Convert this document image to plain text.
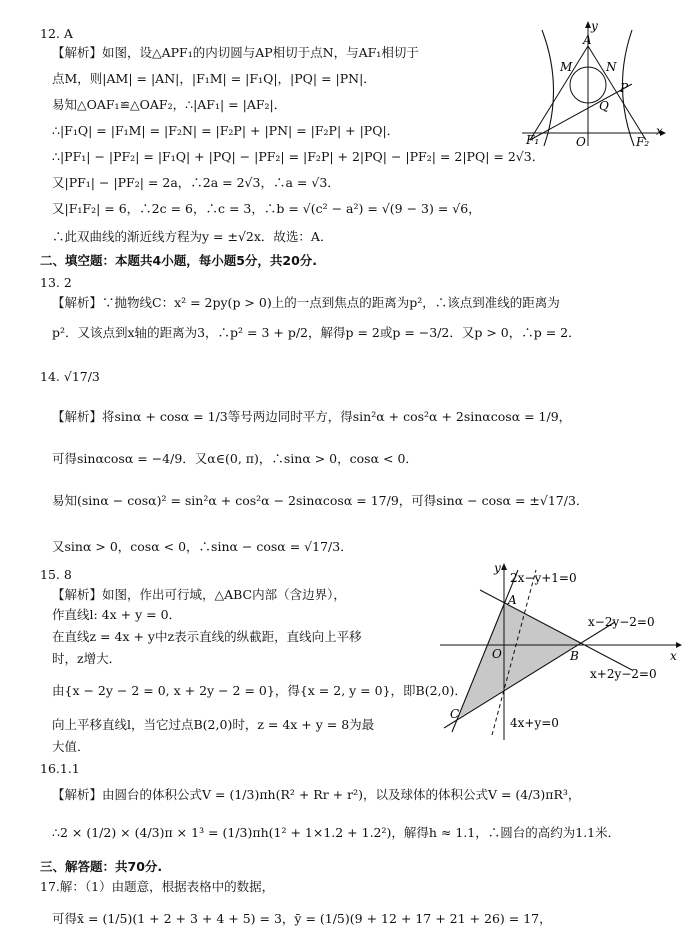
12. A
【解析】如图，设△APF₁的内切圆与AP相切于点N，与AF₁相切于
点M，则|AM| = |AN|，|F₁M| = |F₁Q|，|PQ| = |PN|．
易知△OAF₁≌△OAF₂，∴|AF₁| = |AF₂|．
∴|F₁Q| = |F₁M| = |F₂N| = |F₂P| + |PN| = |F₂P| + |PQ|．
∴|PF₁| − |PF₂| = |F₁Q| + |PQ| − |PF₂| = |F₂P| + 2|PQ| − |PF₂| = 2|PQ| = 2√3．
又|PF₁| − |PF₂| = 2a，∴2a = 2√3，∴a = √3．
又|F₁F₂| = 6，∴2c = 6，∴c = 3，∴b = √(c² − a²) = √(9 − 3) = √6，
∴此双曲线的渐近线方程为y = ±√2x．故选：A．
A
y
x
M	N
P
Q
O
F₁	F₂
二、填空题：本题共4小题，每小题5分，共20分.
13. 2
【解析】∵抛物线C：x² = 2py(p > 0)上的一点到焦点的距离为p²，∴该点到准线的距离为
p²．又该点到x轴的距离为3，∴p² = 3 + p/2，解得p = 2或p = −3/2．又p > 0，∴p = 2．
14. √17/3
【解析】将sinα + cosα = 1/3等号两边同时平方，得sin²α + cos²α + 2sinαcosα = 1/9，
可得sinαcosα = −4/9．又α∈(0, π)，∴sinα > 0，cosα < 0．
易知(sinα − cosα)² = sin²α + cos²α − 2sinαcosα = 17/9，可得sinα − cosα = ±√17/3．
又sinα > 0，cosα < 0，∴sinα − cosα = √17/3．
15. 8
【解析】如图，作出可行域，△ABC内部（含边界），
作直线l: 4x + y = 0．
在直线z = 4x + y中z表示直线的纵截距，直线向上平移
时，z增大．
由{x − 2y − 2 = 0, x + 2y − 2 = 0}，得{x = 2, y = 0}，即B(2,0)．
向上平移直线l，当它过点B(2,0)时，z = 4x + y = 8为最
大值．
2x−y+1=0
x−2y−2=0
x+2y−2=0
4x+y=0
A
B
C
O
y
x
16.1.1
【解析】由圆台的体积公式V = (1/3)πh(R² + Rr + r²)，以及球体的体积公式V = (4/3)πR³，
∴2 × (1/2) × (4/3)π × 1³ = (1/3)πh(1² + 1×1.2 + 1.2²)，解得h ≈ 1.1，∴圆台的高约为1.1米．
三、解答题：共70分.
17.解：（1）由题意，根据表格中的数据，
可得x̄ = (1/5)(1 + 2 + 3 + 4 + 5) = 3，ȳ = (1/5)(9 + 12 + 17 + 21 + 26) = 17，
